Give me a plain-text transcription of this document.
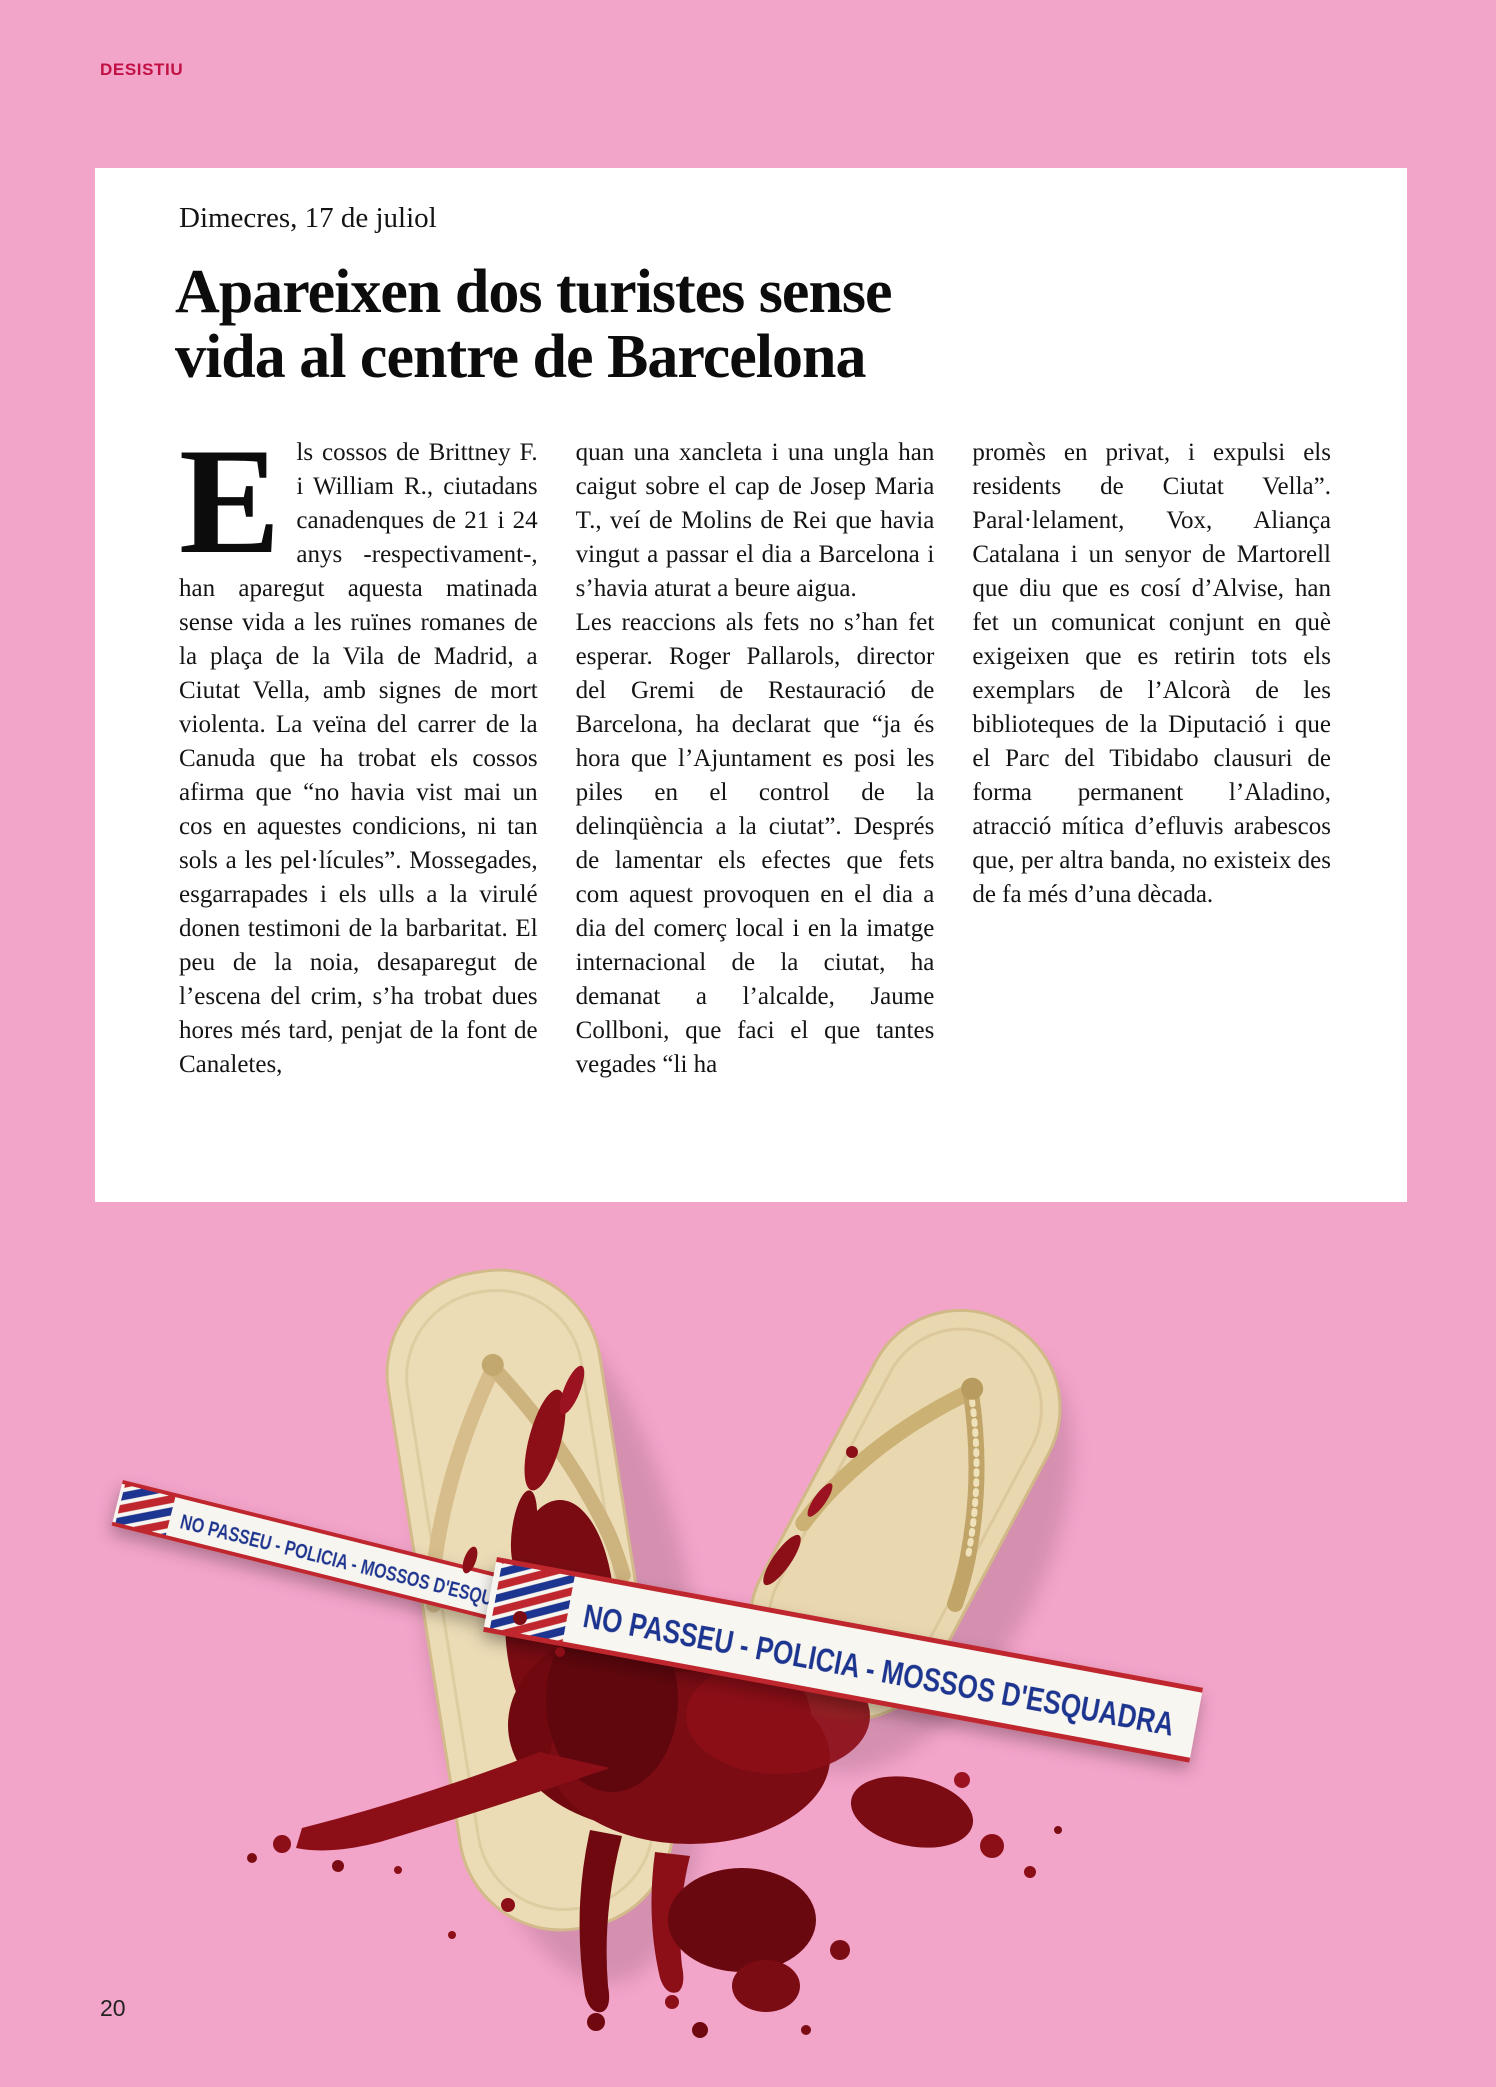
DESISTIU
Dimecres, 17 de juliol
Apareixen dos turistes sense
vida al centre de Barcelona

Els cossos de Brittney F. i William R., ciutadans canadenques de 21 i 24 anys -respectivament-, han aparegut aquesta matinada sense vida a les ruïnes romanes de la plaça de la Vila de Madrid, a Ciutat Vella, amb signes de mort violenta. La veïna del carrer de la Canuda que ha trobat els cossos afirma que “no havia vist mai un cos en aquestes condicions, ni tan sols a les pel·lícules”. Mossegades, esgarrapades i els ulls a la virulé donen testimoni de la barbaritat. El peu de la noia, desaparegut de l’escena del crim, s’ha trobat dues hores més tard, penjat de la font de Canaletes,

quan una xancleta i una ungla han caigut sobre el cap de Josep Maria T., veí de Molins de Rei que havia vingut a passar el dia a Barcelona i s’havia aturat a beure aigua.

Les reaccions als fets no s’han fet esperar. Roger Pallarols, director del Gremi de Restauració de Barcelona, ha declarat que “ja és hora que l’Ajuntament es posi les piles en el control de la delinqüència a la ciutat”. Després de lamentar els efectes que fets com aquest provoquen en el dia a dia del comerç local i en la imatge internacional de la ciutat, ha demanat a l’alcalde, Jaume Collboni, que faci el que tantes vegades “li ha

promès en privat, i expulsi els residents de Ciutat Vella”. Paral·lelament, Vox, Aliança Catalana i un senyor de Martorell que diu que es cosí d’Alvise, han fet un comunicat conjunt en què exigeixen que es retirin tots els exemplars de l’Alcorà de les biblioteques de la Diputació i que el Parc del Tibidabo clausuri de forma permanent l’Aladino, atracció mítica d’efluvis arabescos que, per altra banda, no existeix des de fa més d’una dècada.

NO PASSEU - POLICIA - MOSSOS D'ESQUADRA
NO PASSEU - POLICIA - MOSSOS D'ESQUADRA
20
